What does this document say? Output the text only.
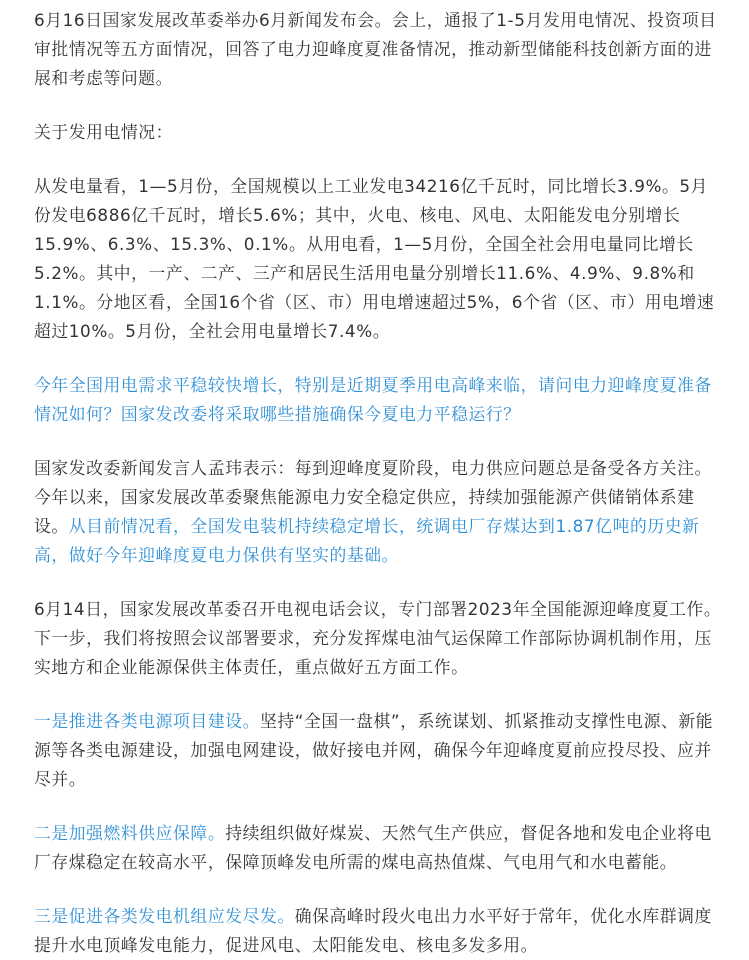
6月16日国家发展改革委举办6月新闻发布会。会上，通报了1-5月发用电情况、投资项目审批情况等五方面情况，回答了电力迎峰度夏准备情况，推动新型储能科技创新方面的进展和考虑等问题。

关于发用电情况：

从发电量看，1—5月份，全国规模以上工业发电34216亿千瓦时，同比增长3.9%。5月份发电6886亿千瓦时，增长5.6%；其中，火电、核电、风电、太阳能发电分别增长15.9%、6.3%、15.3%、0.1%。从用电看，1—5月份，全国全社会用电量同比增长5.2%。其中，一产、二产、三产和居民生活用电量分别增长11.6%、4.9%、9.8%和1.1%。分地区看，全国16个省（区、市）用电增速超过5%，6个省（区、市）用电增速超过10%。5月份，全社会用电量增长7.4%。

今年全国用电需求平稳较快增长，特别是近期夏季用电高峰来临，请问电力迎峰度夏准备情况如何？国家发改委将采取哪些措施确保今夏电力平稳运行？

国家发改委新闻发言人孟玮表示：每到迎峰度夏阶段，电力供应问题总是备受各方关注。今年以来，国家发展改革委聚焦能源电力安全稳定供应，持续加强能源产供储销体系建设。从目前情况看，全国发电装机持续稳定增长，统调电厂存煤达到1.87亿吨的历史新高，做好今年迎峰度夏电力保供有坚实的基础。

6月14日，国家发展改革委召开电视电话会议，专门部署2023年全国能源迎峰度夏工作。下一步，我们将按照会议部署要求，充分发挥煤电油气运保障工作部际协调机制作用，压实地方和企业能源保供主体责任，重点做好五方面工作。

一是推进各类电源项目建设。坚持“全国一盘棋”，系统谋划、抓紧推动支撑性电源、新能源等各类电源建设，加强电网建设，做好接电并网，确保今年迎峰度夏前应投尽投、应并尽并。

二是加强燃料供应保障。持续组织做好煤炭、天然气生产供应，督促各地和发电企业将电厂存煤稳定在较高水平，保障顶峰发电所需的煤电高热值煤、气电用气和水电蓄能。

三是促进各类发电机组应发尽发。确保高峰时段火电出力水平好于常年，优化水库群调度提升水电顶峰发电能力，促进风电、太阳能发电、核电多发多用。
